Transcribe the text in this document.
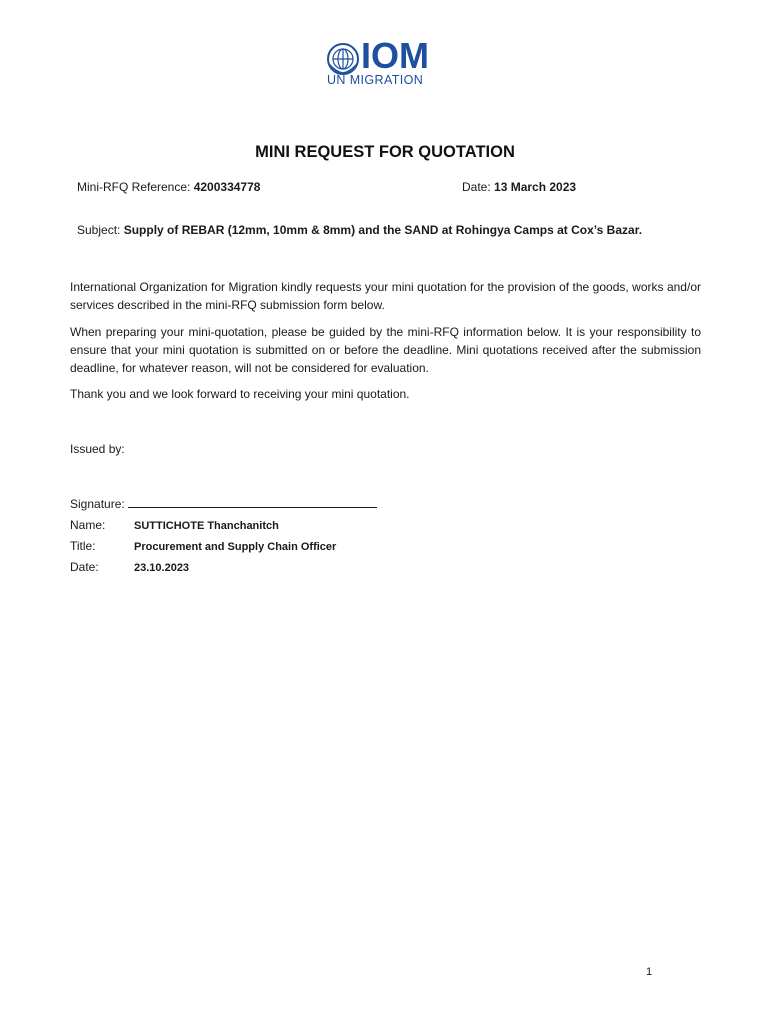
IOM
UN MIGRATION
MINI REQUEST FOR QUOTATION
Mini-RFQ Reference: 4200334778	Date: 13 March 2023
Subject: Supply of REBAR (12mm, 10mm & 8mm) and the SAND at Rohingya Camps at Cox’s Bazar.
International Organization for Migration kindly requests your mini quotation for the provision of the goods, works and/or services described in the mini-RFQ submission form below.
When preparing your mini-quotation, please be guided by the mini-RFQ information below. It is your responsibility to ensure that your mini quotation is submitted on or before the deadline. Mini quotations received after the submission deadline, for whatever reason, will not be considered for evaluation.
Thank you and we look forward to receiving your mini quotation.
Issued by:
Signature:
Name:	SUTTICHOTE Thanchanitch
Title:	Procurement and Supply Chain Officer
Date:	23.10.2023
1
